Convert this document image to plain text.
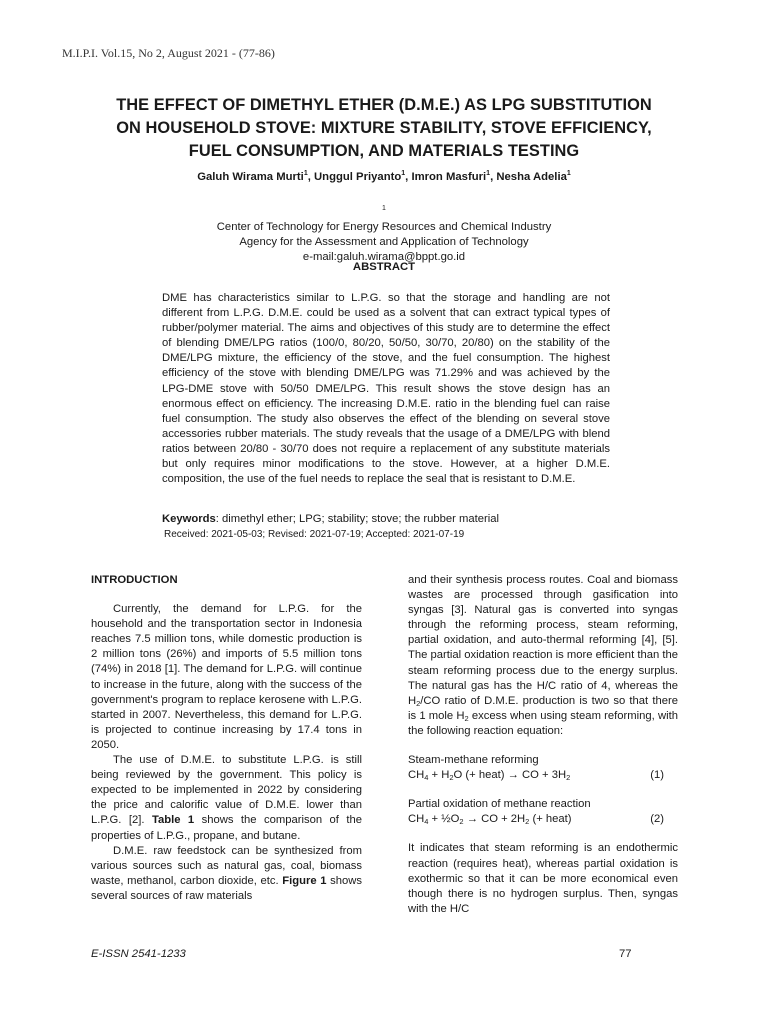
M.I.P.I. Vol.15, No 2, August 2021 - (77-86)
THE EFFECT OF DIMETHYL ETHER (D.M.E.) AS LPG SUBSTITUTION
ON HOUSEHOLD STOVE: MIXTURE STABILITY, STOVE EFFICIENCY,
FUEL CONSUMPTION, AND MATERIALS TESTING
Galuh Wirama Murti$^1$, Unggul Priyanto$^1$, Imron Masfuri$^1$, Nesha Adelia$^1$
$^1$
Center of Technology for Energy Resources and Chemical Industry
Agency for the Assessment and Application of Technology
e-mail:galuh.wirama@bppt.go.id
ABSTRACT
DME has characteristics similar to L.P.G. so that the storage and handling are not different from L.P.G. D.M.E. could be used as a solvent that can extract typical types of rubber/polymer material. The aims and objectives of this study are to determine the effect of blending DME/LPG ratios (100/0, 80/20, 50/50, 30/70, 20/80) on the stability of the DME/LPG mixture, the efficiency of the stove, and the fuel consumption. The highest efficiency of the stove with blending DME/LPG was 71.29% and was achieved by the LPG-DME stove with 50/50 DME/LPG. This result shows the stove design has an enormous effect on efficiency. The increasing D.M.E. ratio in the blending fuel can raise fuel consumption. The study also observes the effect of the blending on several stove accessories rubber materials. The study reveals that the usage of a DME/LPG with blend ratios between 20/80 - 30/70 does not require a replacement of any substitute materials but only requires minor modifications to the stove. However, at a higher D.M.E. composition, the use of the fuel needs to replace the seal that is resistant to D.M.E.
Keywords: dimethyl ether; LPG; stability; stove; the rubber material
Received: 2021-05-03; Revised: 2021-07-19; Accepted: 2021-07-19
INTRODUCTION

Currently, the demand for L.P.G. for the household and the transportation sector in Indonesia reaches 7.5 million tons, while domestic production is 2 million tons (26%) and imports of 5.5 million tons (74%) in 2018 [1]. The demand for L.P.G. will continue to increase in the future, along with the success of the government's program to replace kerosene with L.P.G. started in 2007. Nevertheless, this demand for L.P.G. is projected to continue increasing by 17.4 tons in 2050.

The use of D.M.E. to substitute L.P.G. is still being reviewed by the government. This policy is expected to be implemented in 2022 by considering the price and calorific value of D.M.E. lower than L.P.G. [2]. Table 1 shows the comparison of the properties of L.P.G., propane, and butane.

D.M.E. raw feedstock can be synthesized from various sources such as natural gas, coal, biomass waste, methanol, carbon dioxide, etc. Figure 1 shows several sources of raw materials

and their synthesis process routes. Coal and biomass wastes are processed through gasification into syngas [3]. Natural gas is converted into syngas through the reforming process, steam reforming, partial oxidation, and auto-thermal reforming [4], [5]. The partial oxidation reaction is more efficient than the steam reforming process due to the energy surplus. The natural gas has the H/C ratio of 4, whereas the $H_2/CO$ ratio of D.M.E. production is two so that there is 1 mole $H_2$ excess when using steam reforming, with the following reaction equation:

Steam-methane reforming
$CH_4 + H_2O$ (+ heat) → CO + $3H_2$	(1)
Partial oxidation of methane reaction
$CH_4$ + $\frac{1}{2}O_2$ → CO + $2H_2$ (+ heat)	(2)

It indicates that steam reforming is an endothermic reaction (requires heat), whereas partial oxidation is exothermic so that it can be more economical even though there is no hydrogen surplus. Then, syngas with the H/C

E-ISSN 2541-1233	77
